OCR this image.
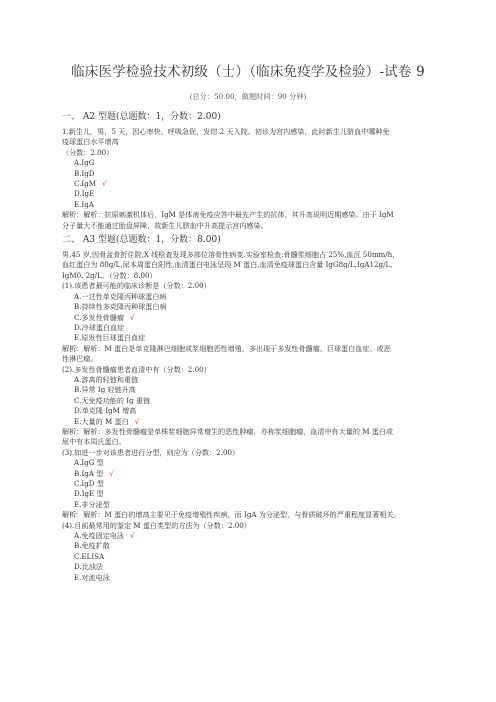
临床医学检验技术初级（士）（临床免疫学及检验）-试卷 9
(总分：50.00，做题时间：90 分钟)
一、 A2 型题(总题数：1，分数：2.00)

1.新生儿，男，5 天，因心率快、呼吸急促、发绀 2 天入院。初诊为宫内感染，此时新生儿脐血中哪种免

疫球蛋白水平增高

（分数：2.00）

A.IgG

B.IgD

C.IgM √

D.IgE

E.IgA

解析：解析：抗原刺激机体后，IgM 是体液免疫应答中最先产生的抗体，其升高说明近期感染。由于 IgM

分子量大不能通过胎盘屏障，故新生儿脐血中升高提示宫内感染。

二、 A3 型题(总题数：1，分数：8.00)

男,45 岁,因骨盆骨折住院,X 线检查发现多部位溶骨性病变.实验室检查:骨髓浆细胞占 25%,血沉 50mm/h,

血红蛋白为 80g/L,尿本周蛋白阳性,血清蛋白电泳呈现 M 蛋白,血清免疫球蛋白含量 IgG8g/L,IgA12g/L,

IgM0. 2g/L。（分数：8.00）

(1).该患者最可能的临床诊断是（分数：2.00）

A.一过性单克隆丙种球蛋白病

B.持续性多克隆丙种球蛋白病

C.多发性骨髓瘤 √

D.冷球蛋白血症

E.原发性巨球蛋白血症

解析：解析：M 蛋白是单克隆淋巴细胞或浆细胞恶性增殖，多出现于多发性骨髓瘤、巨球蛋白血症、或恶

性淋巴瘤。

(2).多发性骨髓瘤患者血清中有（分数：2.00）

A.游离的轻链和重链

B.异常 Ig 轻链升高

C.无免疫功能的 Ig 重链

D.单克隆 IgM 增高

E.大量的 M 蛋白 √

解析：解析：多发性骨髓瘤是单株浆细胞异常增生的恶性肿瘤，亦称浆细胞瘤，血清中有大量的 M 蛋白或

尿中有本周氏蛋白。

(3).如进一步对该患者进行分型，则应为（分数：2.00）

A.IgG 型

B.IgA 型 √

C.IgD 型

D.IgE 型

E.非分泌型

解析：解析：M 蛋白的增高主要见于免疫增殖性疾病，而 IgA 为分泌型，与骨质破坏的严重程度显著相关。

(4).目前最常用的鉴定 M 蛋白类型的方法为（分数：2.00）

A.免疫固定电泳 √

B.免疫扩散

C.ELISA

D.比浊法

E.对流电泳
